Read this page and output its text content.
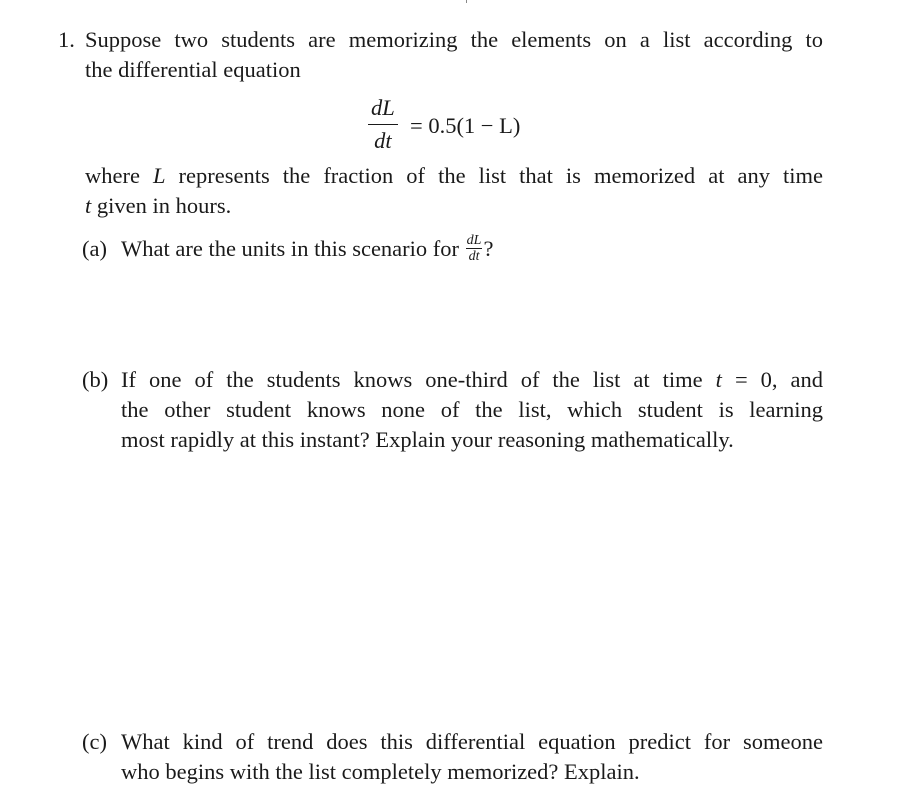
1. Suppose two students are memorizing the elements on a list according to
the differential equation
dL
dt
= 0.5(1 − L)
where L represents the fraction of the list that is memorized at any time
t given in hours.
(a) What are the units in this scenario for $\frac{dL}{dt}$ ?
(b) If one of the students knows one-third of the list at time t = 0, and
the other student knows none of the list, which student is learning
most rapidly at this instant? Explain your reasoning mathematically.
(c) What kind of trend does this differential equation predict for someone
who begins with the list completely memorized? Explain.
